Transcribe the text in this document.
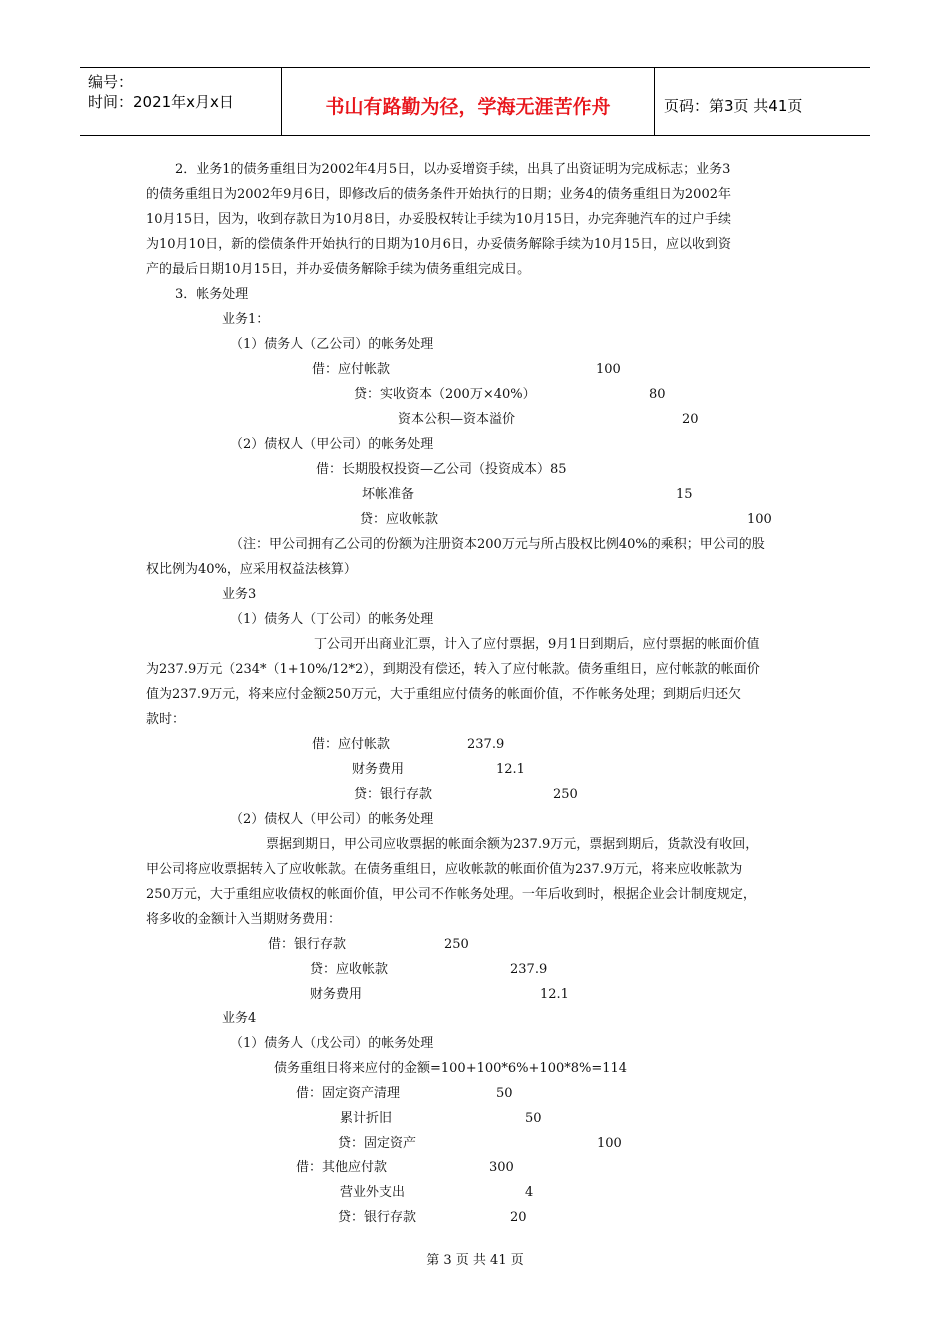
编号：
时间：2021年x月x日	书山有路勤为径，学海无涯苦作舟	页码：第3页 共41页
2．业务1的债务重组日为2002年4月5日，以办妥增资手续，出具了出资证明为完成标志；业务3
的债务重组日为2002年9月6日，即修改后的债务条件开始执行的日期；业务4的债务重组日为2002年
10月15日，因为，收到存款日为10月8日，办妥股权转让手续为10月15日，办完奔驰汽车的过户手续
为10月10日，新的偿债条件开始执行的日期为10月6日，办妥债务解除手续为10月15日，应以收到资
产的最后日期10月15日，并办妥债务解除手续为债务重组完成日。
3．帐务处理
业务1：
（1）债务人（乙公司）的帐务处理
借：应付帐款	100
贷：实收资本（200万×40%）	80
资本公积—资本溢价	20
（2）债权人（甲公司）的帐务处理
借：长期股权投资—乙公司（投资成本）85
坏帐准备	15
贷：应收帐款	100
（注：甲公司拥有乙公司的份额为注册资本200万元与所占股权比例40%的乘积；甲公司的股
权比例为40%，应采用权益法核算）
业务3
（1）债务人（丁公司）的帐务处理
丁公司开出商业汇票，计入了应付票据，9月1日到期后，应付票据的帐面价值
为237.9万元（234*（1+10%/12*2），到期没有偿还，转入了应付帐款。债务重组日，应付帐款的帐面价
值为237.9万元，将来应付金额250万元，大于重组应付债务的帐面价值，不作帐务处理；到期后归还欠
款时：
借：应付帐款	237.9
财务费用	12.1
贷：银行存款	250
（2）债权人（甲公司）的帐务处理
票据到期日，甲公司应收票据的帐面余额为237.9万元，票据到期后，货款没有收回，
甲公司将应收票据转入了应收帐款。在债务重组日，应收帐款的帐面价值为237.9万元，将来应收帐款为
250万元，大于重组应收债权的帐面价值，甲公司不作帐务处理。一年后收到时，根据企业会计制度规定，
将多收的金额计入当期财务费用：
借：银行存款	250
贷：应收帐款	237.9
财务费用	12.1
业务4
（1）债务人（戊公司）的帐务处理
债务重组日将来应付的金额=100+100*6%+100*8%=114
借：固定资产清理	50
累计折旧	50
贷：固定资产	100
借：其他应付款	300
营业外支出	4
贷：银行存款	20
第 3 页 共 41 页
